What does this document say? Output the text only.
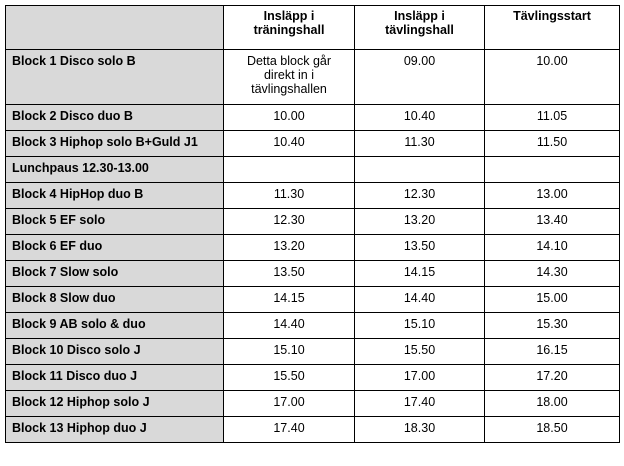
	Insläpp i träningshall	Insläpp i tävlingshall	Tävlingsstart
Block 1 Disco solo B	Detta block går direkt in i tävlingshallen	09.00	10.00
Block 2 Disco duo B	10.00	10.40	11.05
Block 3 Hiphop solo B+Guld J1	10.40	11.30	11.50
Lunchpaus 12.30-13.00			
Block 4 HipHop duo B	11.30	12.30	13.00
Block 5 EF solo	12.30	13.20	13.40
Block 6 EF duo	13.20	13.50	14.10
Block 7 Slow solo	13.50	14.15	14.30
Block 8 Slow duo	14.15	14.40	15.00
Block 9 AB solo & duo	14.40	15.10	15.30
Block 10 Disco solo J	15.10	15.50	16.15
Block 11 Disco duo J	15.50	17.00	17.20
Block 12 Hiphop solo J	17.00	17.40	18.00
Block 13 Hiphop duo J	17.40	18.30	18.50
